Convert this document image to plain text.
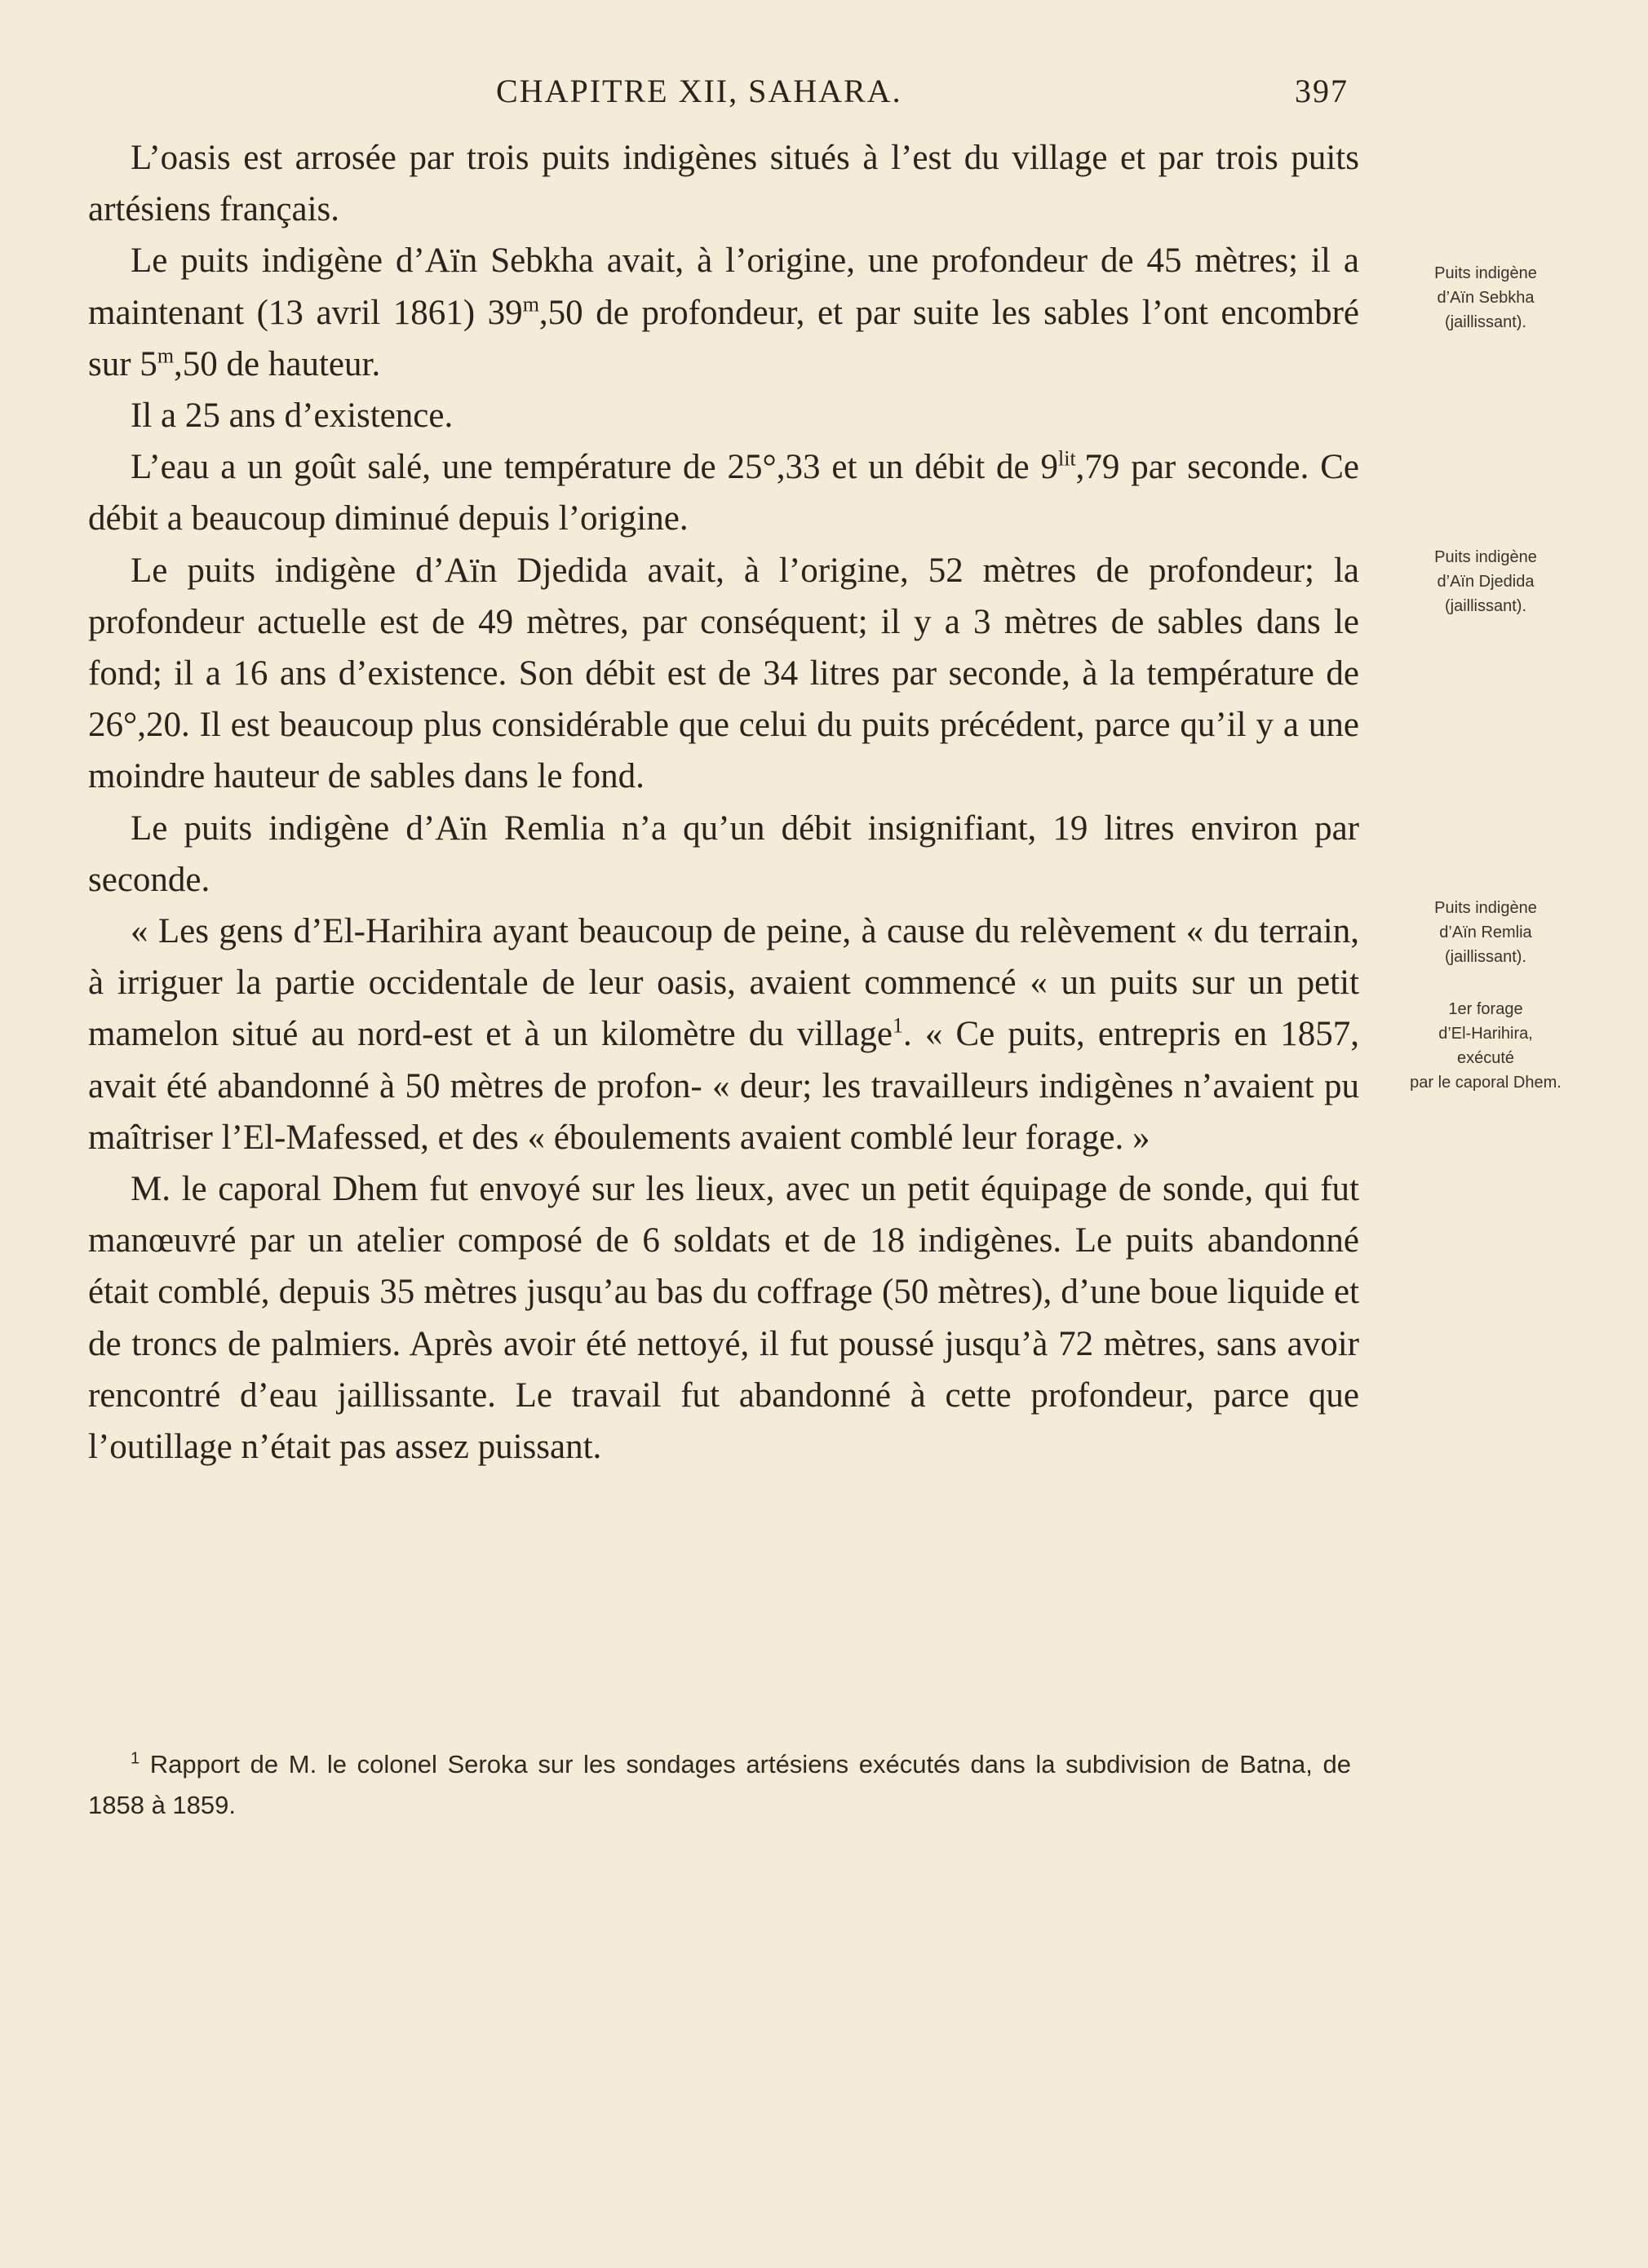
CHAPITRE XII, SAHARA.	397

L’oasis est arrosée par trois puits indigènes situés à l’est du village et par trois puits artésiens français.

Le puits indigène d’Aïn Sebkha avait, à l’origine, une profondeur de 45 mètres; il a maintenant (13 avril 1861) 39$^m$,50 de profondeur, et par suite les sables l’ont encombré sur 5$^m$,50 de hauteur.

Il a 25 ans d’existence.

L’eau a un goût salé, une température de 25°,33 et un débit de $9^{lit},79$ par seconde. Ce débit a beaucoup diminué depuis l’origine.

Le puits indigène d’Aïn Djedida avait, à l’origine, 52 mètres de profondeur; la profondeur actuelle est de 49 mètres, par conséquent; il y a 3 mètres de sables dans le fond; il a 16 ans d’existence. Son débit est de 34 litres par seconde, à la température de 26°,20. Il est beaucoup plus considérable que celui du puits précédent, parce qu’il y a une moindre hauteur de sables dans le fond.

Le puits indigène d’Aïn Remlia n’a qu’un débit insignifiant, 19 litres environ par seconde.

« Les gens d’El-Harihira ayant beaucoup de peine, à cause du relèvement « du terrain, à irriguer la partie occidentale de leur oasis, avaient commencé « un puits sur un petit mamelon situé au nord-est et à un kilomètre du village$^1$. « Ce puits, entrepris en 1857, avait été abandonné à 50 mètres de profon- « deur; les travailleurs indigènes n’avaient pu maîtriser l’El-Mafessed, et des « éboulements avaient comblé leur forage. »

M. le caporal Dhem fut envoyé sur les lieux, avec un petit équipage de sonde, qui fut manœuvré par un atelier composé de 6 soldats et de 18 indigènes. Le puits abandonné était comblé, depuis 35 mètres jusqu’au bas du coffrage (50 mètres), d’une boue liquide et de troncs de palmiers. Après avoir été nettoyé, il fut poussé jusqu’à 72 mètres, sans avoir rencontré d’eau jaillissante. Le travail fut abandonné à cette profondeur, parce que l’outillage n’était pas assez puissant.

Puits indigène
d’Aïn Sebkha
(jaillissant).
Puits indigène
d’Aïn Djedida
(jaillissant).
Puits indigène
d’Aïn Remlia
(jaillissant).
1er forage
d’El-Harihira,
exécuté
par le caporal Dhem.

$^1$ Rapport de M. le colonel Seroka sur les sondages artésiens exécutés dans la subdivision de Batna, de 1858 à 1859.
